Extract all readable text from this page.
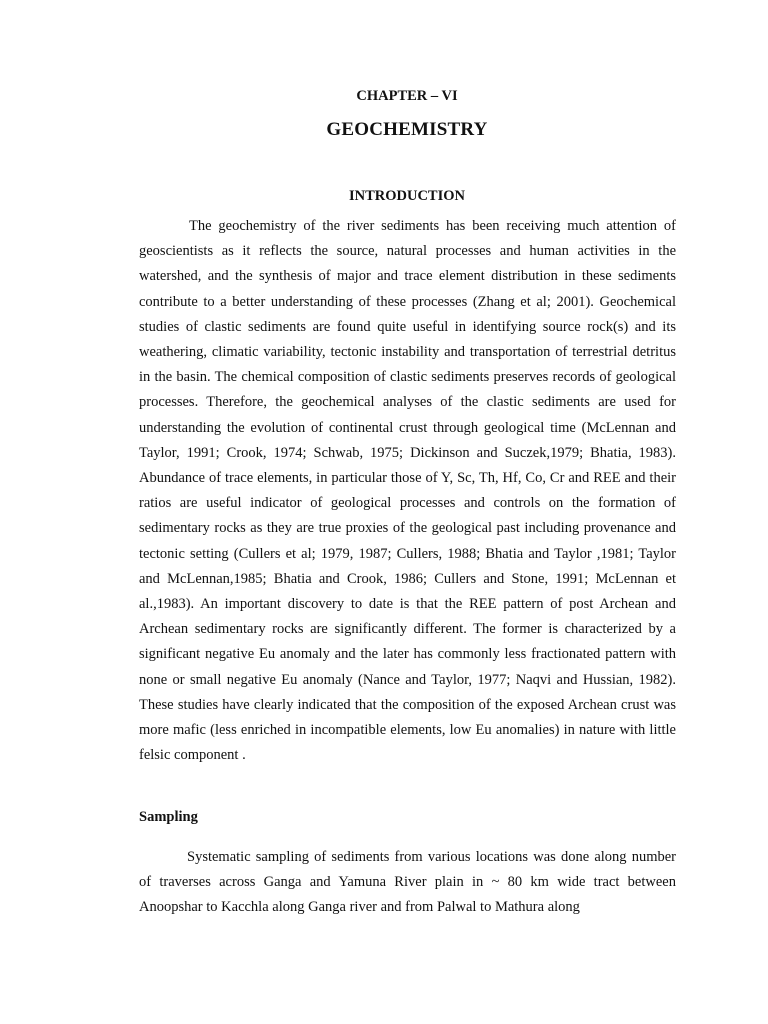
CHAPTER – VI
GEOCHEMISTRY
INTRODUCTION

The geochemistry of the river sediments has been receiving much attention of geoscientists as it reflects the source, natural processes and human activities in the watershed, and the synthesis of major and trace element distribution in these sediments contribute to a better understanding of these processes (Zhang et al; 2001). Geochemical studies of clastic sediments are found quite useful in identifying source rock(s) and its weathering, climatic variability, tectonic instability and transportation of terrestrial detritus in the basin. The chemical composition of clastic sediments preserves records of geological processes. Therefore, the geochemical analyses of the clastic sediments are used for understanding the evolution of continental crust through geological time (McLennan and Taylor, 1991; Crook, 1974; Schwab, 1975; Dickinson and Suczek,1979; Bhatia, 1983). Abundance of trace elements, in particular those of Y, Sc, Th, Hf, Co, Cr and REE and their ratios are useful indicator of geological processes and controls on the formation of sedimentary rocks as they are true proxies of the geological past including provenance and tectonic setting (Cullers et al; 1979, 1987; Cullers, 1988; Bhatia and Taylor ,1981; Taylor and McLennan,1985; Bhatia and Crook, 1986; Cullers and Stone, 1991; McLennan et al.,1983). An important discovery to date is that the REE pattern of post Archean and Archean sedimentary rocks are significantly different. The former is characterized by a significant negative Eu anomaly and the later has commonly less fractionated pattern with none or small negative Eu anomaly (Nance and Taylor, 1977; Naqvi and Hussian, 1982). These studies have clearly indicated that the composition of the exposed Archean crust was more mafic (less enriched in incompatible elements, low Eu anomalies) in nature with little felsic component .

Sampling

Systematic sampling of sediments from various locations was done along number of traverses across Ganga and Yamuna River plain in ~ 80 km wide tract between Anoopshar to Kacchla along Ganga river and from Palwal to Mathura along
